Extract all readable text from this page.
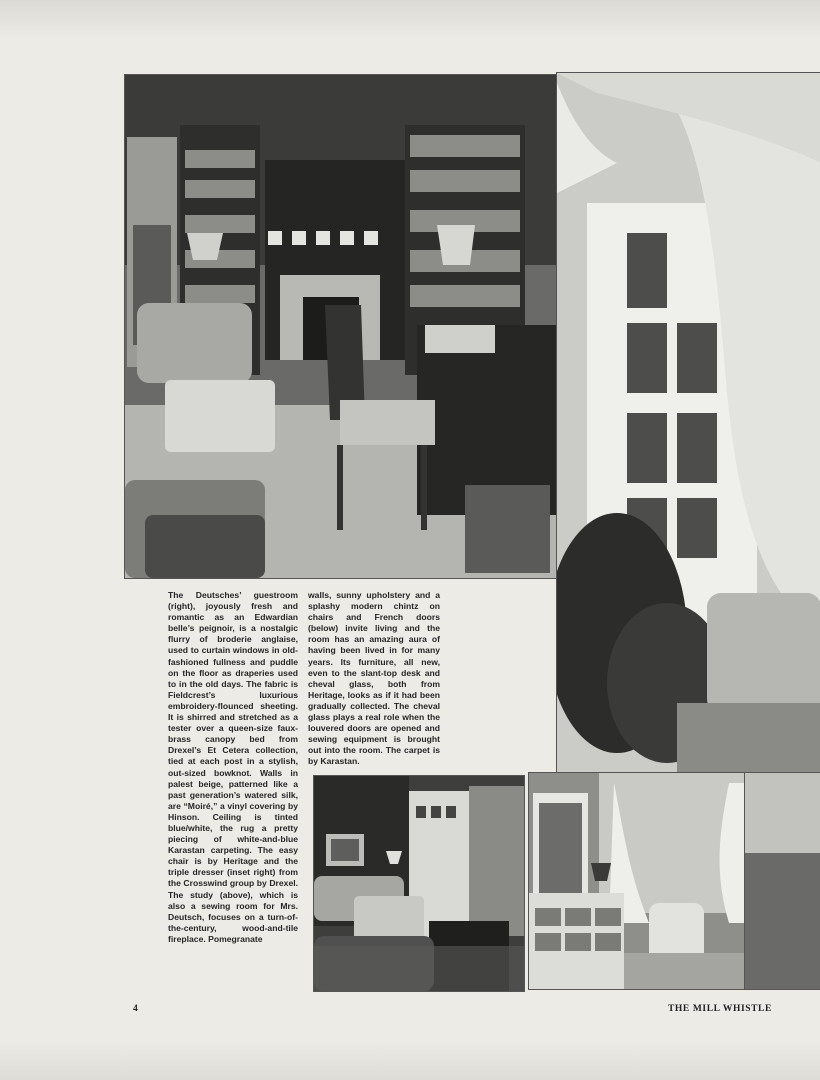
The Deutsches’ guestroom (right), joyously fresh and romantic as an Edwardian belle’s peignoir, is a nostalgic flurry of broderie anglaise, used to curtain windows in old-fashioned fullness and puddle on the floor as draperies used to in the old days. The fabric is Fieldcrest’s luxurious embroidery-flounced sheeting. It is shirred and stretched as a tester over a queen-size faux-brass canopy bed from Drexel’s Et Cetera collection, tied at each post in a stylish, out-sized bowknot. Walls in palest beige, patterned like a past generation’s watered silk, are “Moiré,” a vinyl covering by Hinson. Ceiling is tinted blue/white, the rug a pretty piecing of white-and-blue Karastan carpeting. The easy chair is by Heritage and the triple dresser (inset right) from the Crosswind group by Drexel. The study (above), which is also a sewing room for Mrs. Deutsch, focuses on a turn-of-the-century, wood-and-tile fireplace. Pomegranate

walls, sunny upholstery and a splashy modern chintz on chairs and French doors (below) invite living and the room has an amazing aura of having been lived in for many years. Its furniture, all new, even to the slant-top desk and cheval glass, both from Heritage, looks as if it had been gradually collected. The cheval glass plays a real role when the louvered doors are opened and sewing equipment is brought out into the room. The carpet is by Karastan.

4	THE MILL WHISTLE
